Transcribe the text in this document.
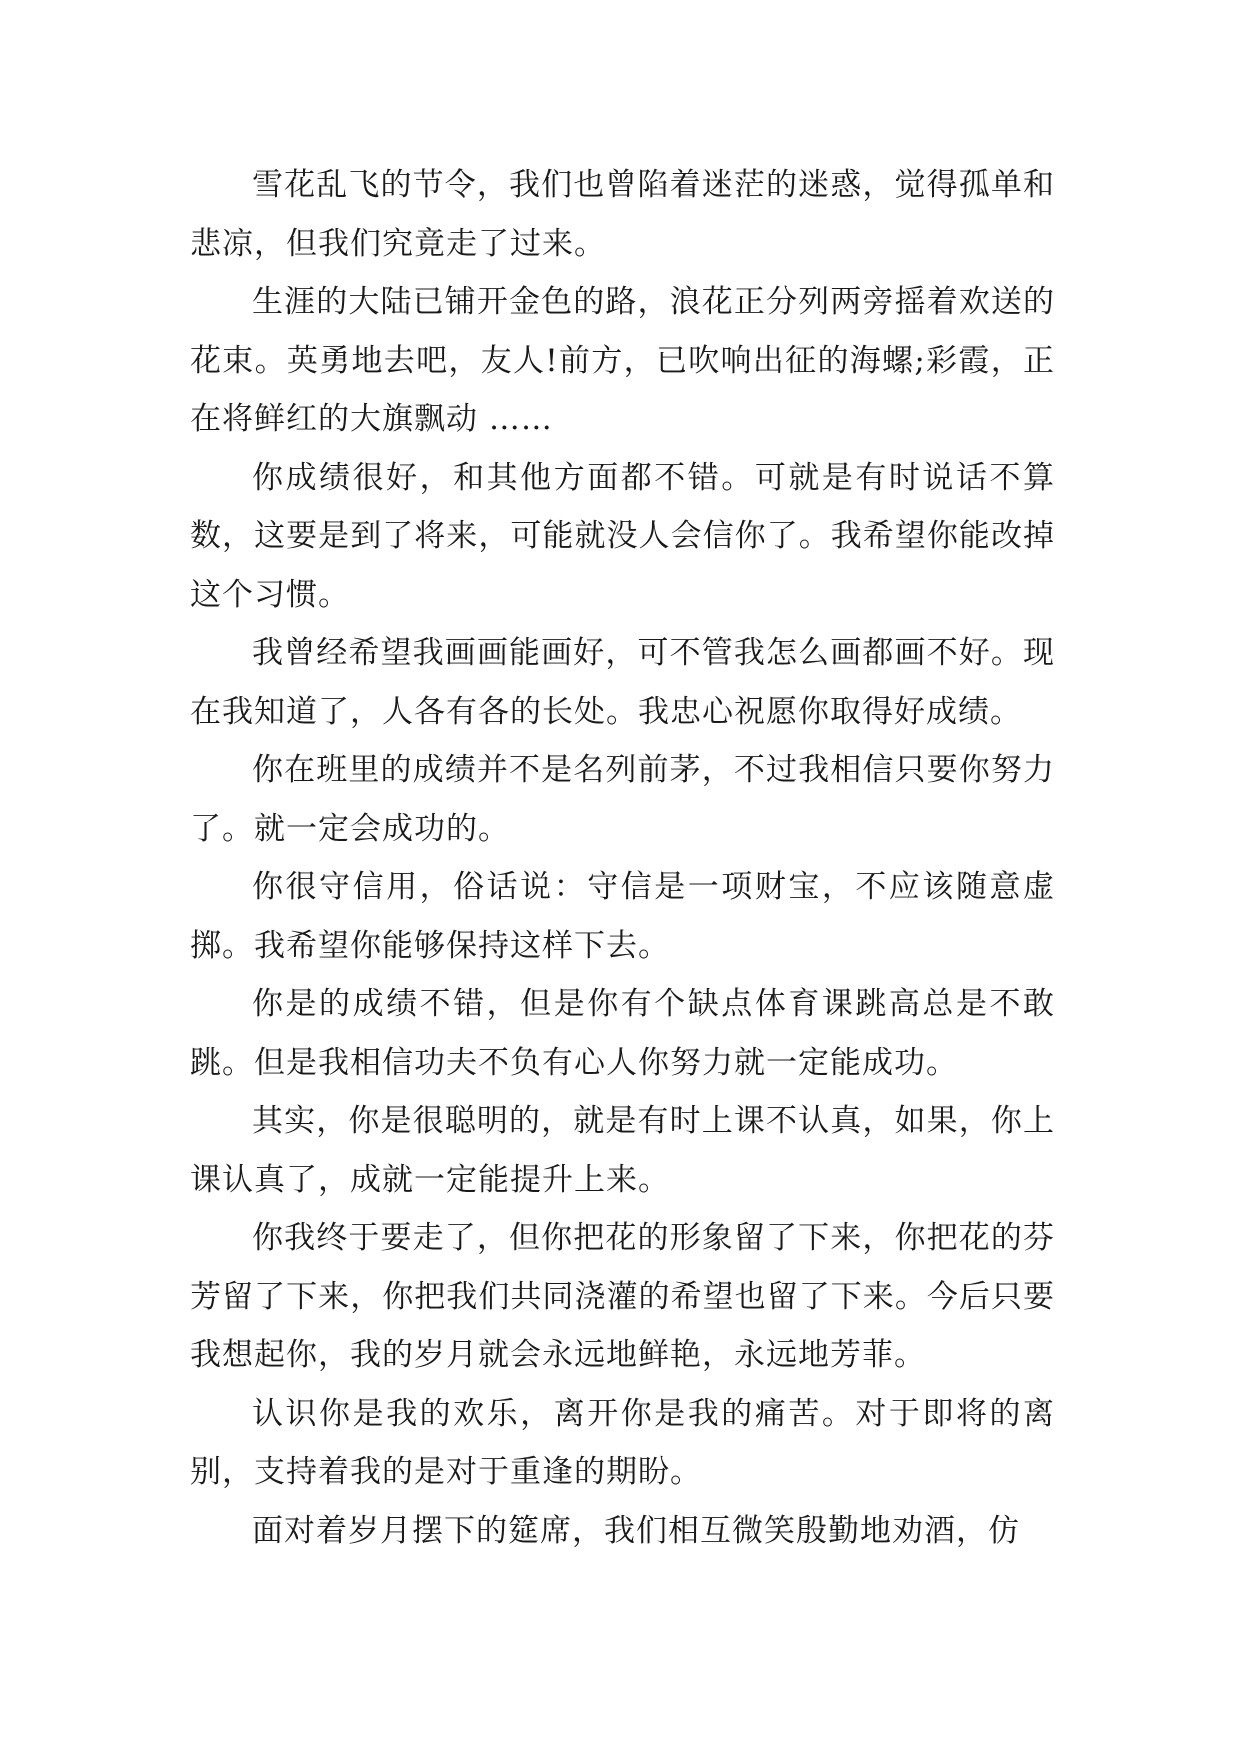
雪花乱飞的节令，我们也曾陷着迷茫的迷惑，觉得孤单和悲凉，但我们究竟走了过来。

生涯的大陆已铺开金色的路，浪花正分列两旁摇着欢送的花束。英勇地去吧，友人!前方，已吹响出征的海螺;彩霞，正在将鲜红的大旗飘动 ……

你成绩很好，和其他方面都不错。可就是有时说话不算数，这要是到了将来，可能就没人会信你了。我希望你能改掉这个习惯。

我曾经希望我画画能画好，可不管我怎么画都画不好。现在我知道了，人各有各的长处。我忠心祝愿你取得好成绩。

你在班里的成绩并不是名列前茅，不过我相信只要你努力了。就一定会成功的。

你很守信用，俗话说：守信是一项财宝，不应该随意虚掷。我希望你能够保持这样下去。

你是的成绩不错，但是你有个缺点体育课跳高总是不敢跳。但是我相信功夫不负有心人你努力就一定能成功。

其实，你是很聪明的，就是有时上课不认真，如果，你上课认真了，成就一定能提升上来。

你我终于要走了，但你把花的形象留了下来，你把花的芬芳留了下来，你把我们共同浇灌的希望也留了下来。今后只要我想起你，我的岁月就会永远地鲜艳，永远地芳菲。

认识你是我的欢乐，离开你是我的痛苦。对于即将的离别，支持着我的是对于重逢的期盼。

面对着岁月摆下的筵席，我们相互微笑殷勤地劝酒，仿
